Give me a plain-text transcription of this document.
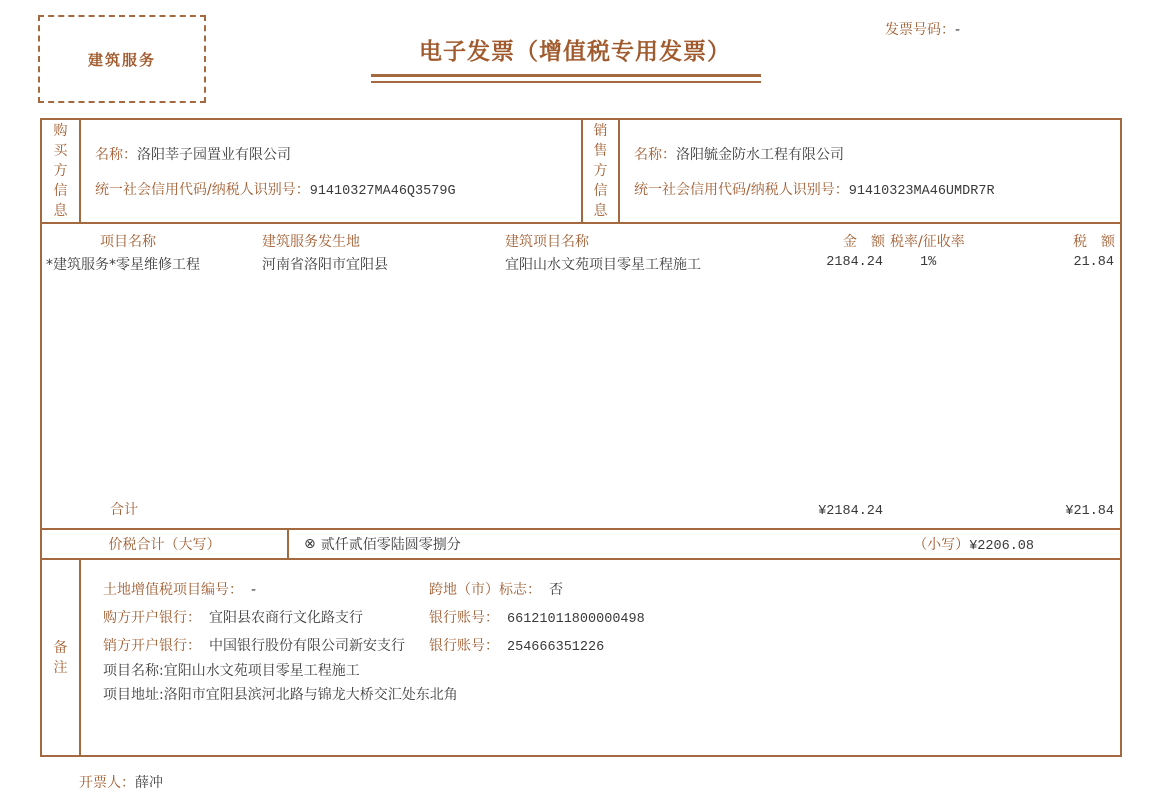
建筑服务	电子发票（增值税专用发票）
发票号码：-
购买方信息
名称：洛阳莘子园置业有限公司
统一社会信用代码/纳税人识别号：91410327MA46Q3579G
销售方信息
名称：洛阳毓金防水工程有限公司
统一社会信用代码/纳税人识别号：91410323MA46UMDR7R
项目名称	建筑服务发生地	建筑项目名称	金　额 税率/征收率	税　额
*建筑服务*零星维修工程	河南省洛阳市宜阳县	宜阳山水文苑项目零星工程施工	2184.24	1%	21.84
合计	¥2184.24	¥21.84
价税合计（大写）	⊗ 贰仟贰佰零陆圆零捌分	（小写）¥2206.08
备注
土地增值税项目编号： -	跨地（市）标志： 否
购方开户银行： 宜阳县农商行文化路支行	银行账号： 66121011800000498
销方开户银行： 中国银行股份有限公司新安支行	银行账号： 254666351226
项目名称:宜阳山水文苑项目零星工程施工
项目地址:洛阳市宜阳县滨河北路与锦龙大桥交汇处东北角
开票人：薛冲
